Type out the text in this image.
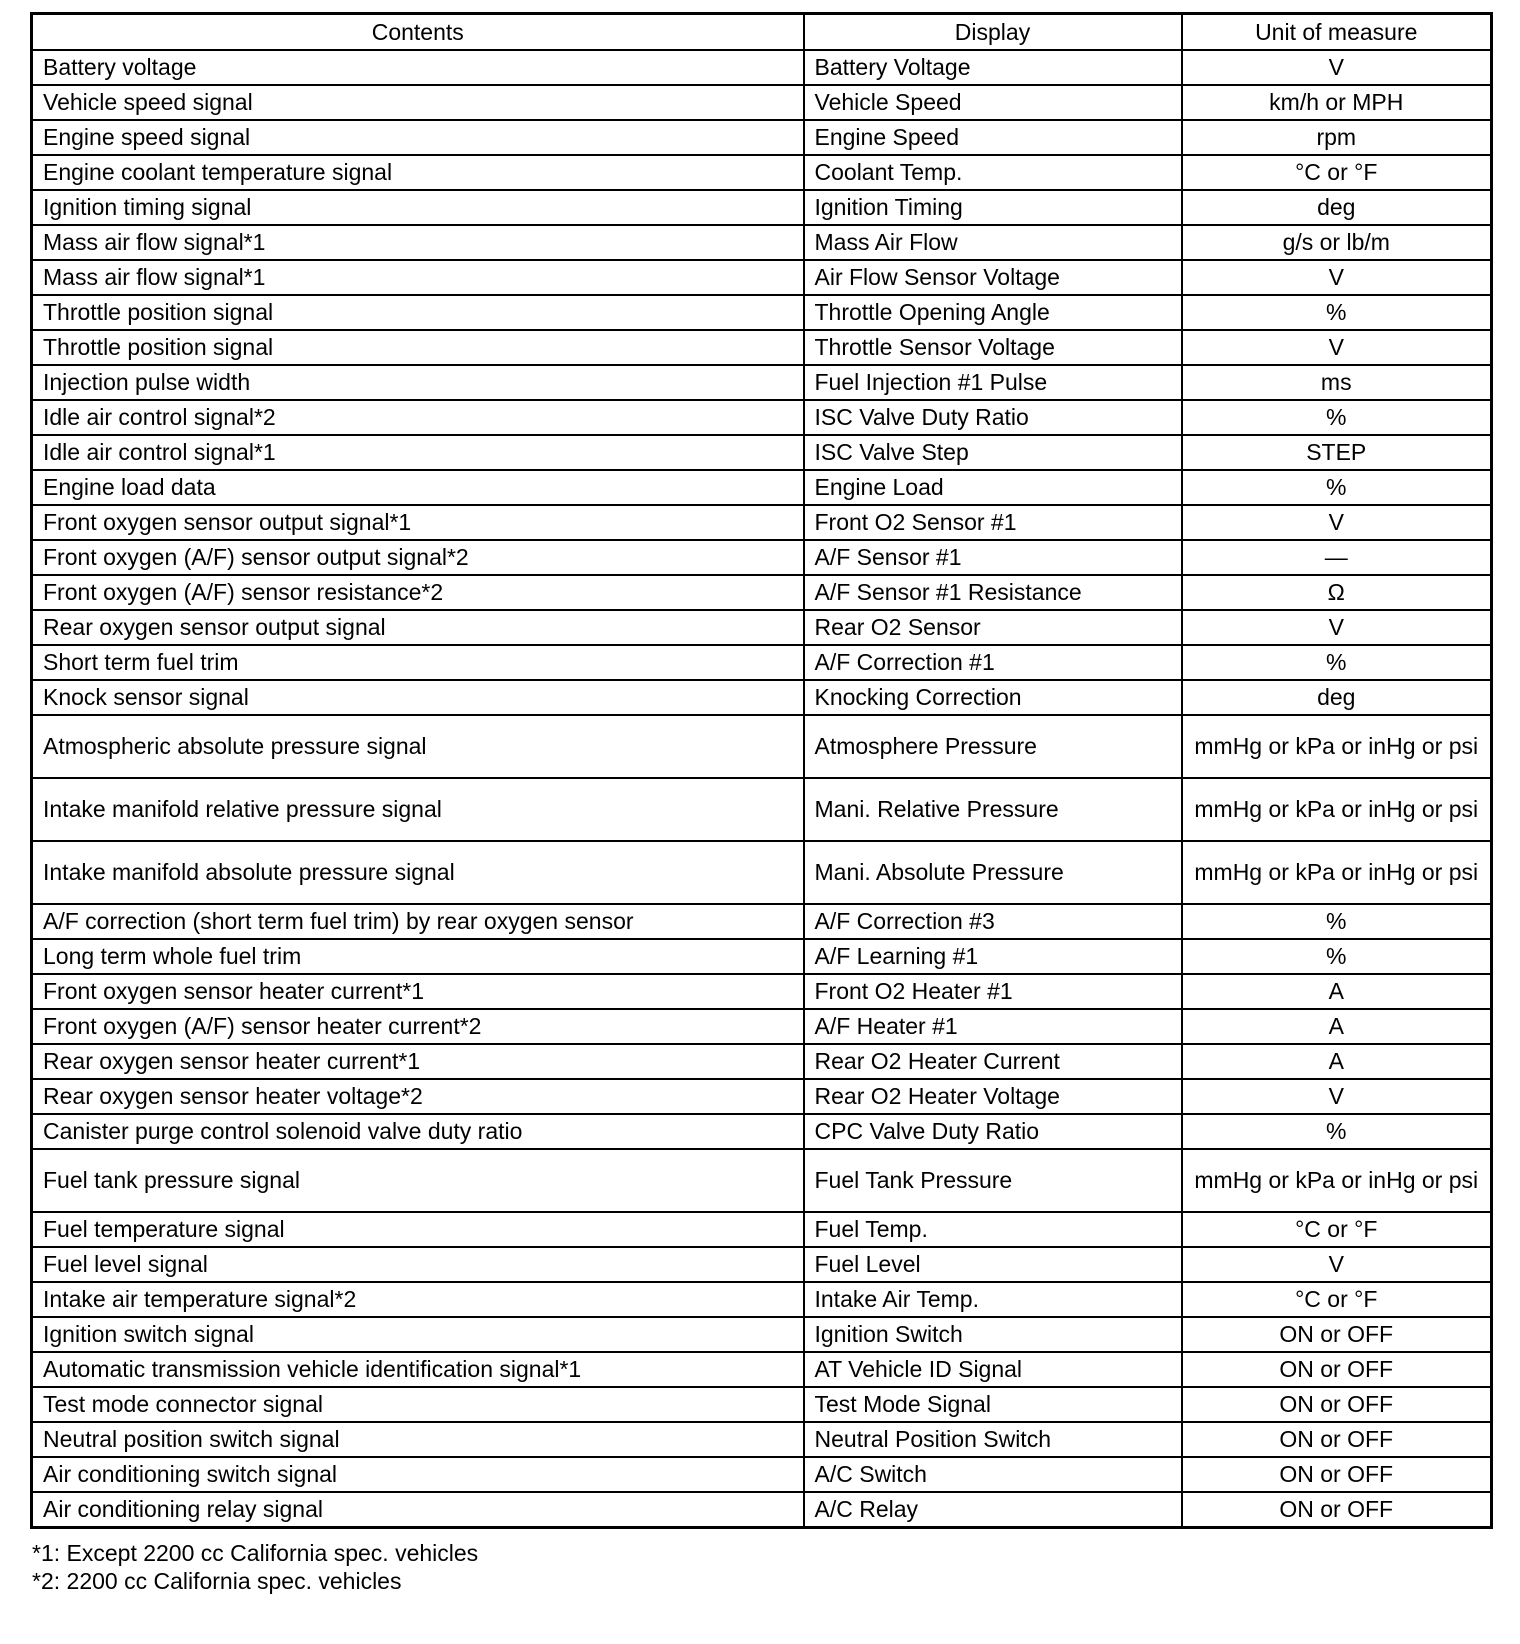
Contents	Display	Unit of measure
Battery voltage	Battery Voltage	V
Vehicle speed signal	Vehicle Speed	km/h or MPH
Engine speed signal	Engine Speed	rpm
Engine coolant temperature signal	Coolant Temp.	°C or °F
Ignition timing signal	Ignition Timing	deg
Mass air flow signal*1	Mass Air Flow	g/s or lb/m
Mass air flow signal*1	Air Flow Sensor Voltage	V
Throttle position signal	Throttle Opening Angle	%
Throttle position signal	Throttle Sensor Voltage	V
Injection pulse width	Fuel Injection #1 Pulse	ms
Idle air control signal*2	ISC Valve Duty Ratio	%
Idle air control signal*1	ISC Valve Step	STEP
Engine load data	Engine Load	%
Front oxygen sensor output signal*1	Front O2 Sensor #1	V
Front oxygen (A/F) sensor output signal*2	A/F Sensor #1	—
Front oxygen (A/F) sensor resistance*2	A/F Sensor #1 Resistance	Ω
Rear oxygen sensor output signal	Rear O2 Sensor	V
Short term fuel trim	A/F Correction #1	%
Knock sensor signal	Knocking Correction	deg
Atmospheric absolute pressure signal	Atmosphere Pressure	mmHg or kPa or inHg or psi
Intake manifold relative pressure signal	Mani. Relative Pressure	mmHg or kPa or inHg or psi
Intake manifold absolute pressure signal	Mani. Absolute Pressure	mmHg or kPa or inHg or psi
A/F correction (short term fuel trim) by rear oxygen sensor	A/F Correction #3	%
Long term whole fuel trim	A/F Learning #1	%
Front oxygen sensor heater current*1	Front O2 Heater #1	A
Front oxygen (A/F) sensor heater current*2	A/F Heater #1	A
Rear oxygen sensor heater current*1	Rear O2 Heater Current	A
Rear oxygen sensor heater voltage*2	Rear O2 Heater Voltage	V
Canister purge control solenoid valve duty ratio	CPC Valve Duty Ratio	%
Fuel tank pressure signal	Fuel Tank Pressure	mmHg or kPa or inHg or psi
Fuel temperature signal	Fuel Temp.	°C or °F
Fuel level signal	Fuel Level	V
Intake air temperature signal*2	Intake Air Temp.	°C or °F
Ignition switch signal	Ignition Switch	ON or OFF
Automatic transmission vehicle identification signal*1	AT Vehicle ID Signal	ON or OFF
Test mode connector signal	Test Mode Signal	ON or OFF
Neutral position switch signal	Neutral Position Switch	ON or OFF
Air conditioning switch signal	A/C Switch	ON or OFF
Air conditioning relay signal	A/C Relay	ON or OFF
*1: Except 2200 cc California spec. vehicles
*2: 2200 cc California spec. vehicles
